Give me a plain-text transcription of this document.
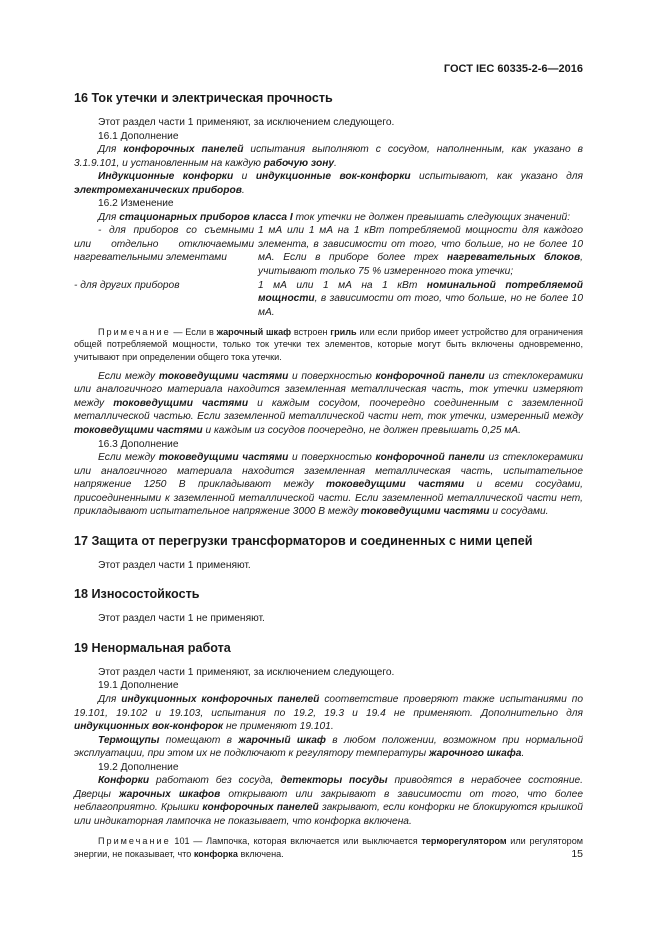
ГОСТ IEC 60335-2-6—2016
16 Ток утечки и электрическая прочность

Этот раздел части 1 применяют, за исключением следующего.

16.1 Дополнение

Для конфорочных панелей испытания выполняют с сосудом, наполненным, как указано в 3.1.9.101, и установленным на каждую рабочую зону.

Индукционные конфорки и индукционные вок-конфорки испытывают, как указано для электромеханических приборов.

16.2 Изменение

Для стационарных приборов класса I ток утечки не должен превышать следующих значений:

- для приборов со съемными или отдельно отключаемыми нагревательными элементами	1 мА или 1 мА на 1 кВт потребляемой мощности для каждого элемента, в зависимости от того, что больше, но не более 10 мА. Если в приборе более трех нагревательных блоков, учитывают только 75 % измеренного тока утечки;
- для других приборов	1 мА или 1 мА на 1 кВт номинальной потребляемой мощности, в зависимости от того, что больше, но не более 10 мА.

Примечание — Если в жарочный шкаф встроен гриль или если прибор имеет устройство для ограничения общей потребляемой мощности, только ток утечки тех элементов, которые могут быть включены одновременно, учитывают при определении общего тока утечки.

Если между токоведущими частями и поверхностью конфорочной панели из стеклокерамики или аналогичного материала находится заземленная металлическая часть, ток утечки измеряют между токоведущими частями и каждым сосудом, поочередно соединенным с заземленной металлической частью. Если заземленной металлической части нет, ток утечки, измеренный между токоведущими частями и каждым из сосудов поочередно, не должен превышать 0,25 мА.

16.3 Дополнение

Если между токоведущими частями и поверхностью конфорочной панели из стеклокерамики или аналогичного материала находится заземленная металлическая часть, испытательное напряжение 1250 В прикладывают между токоведущими частями и всеми сосудами, присоединенными к заземленной металлической части. Если заземленной металлической части нет, прикладывают испытательное напряжение 3000 В между токоведущими частями и сосудами.

17 Защита от перегрузки трансформаторов и соединенных с ними цепей

Этот раздел части 1 применяют.

18 Износостойкость

Этот раздел части 1 не применяют.

19 Ненормальная работа

Этот раздел части 1 применяют, за исключением следующего.

19.1 Дополнение

Для индукционных конфорочных панелей соответствие проверяют также испытаниями по 19.101, 19.102 и 19.103, испытания по 19.2, 19.3 и 19.4 не применяют. Дополнительно для индукционных вок-конфорок не применяют 19.101.

Термощупы помещают в жарочный шкаф в любом положении, возможном при нормальной эксплуатации, при этом их не подключают к регулятору температуры жарочного шкафа.

19.2 Дополнение

Конфорки работают без сосуда, детекторы посуды приводятся в нерабочее состояние. Дверцы жарочных шкафов открывают или закрывают в зависимости от того, что более неблагоприятно. Крышки конфорочных панелей закрывают, если конфорки не блокируются крышкой или индикаторная лампочка не показывает, что конфорка включена.

Примечание 101 — Лампочка, которая включается или выключается терморегулятором или регулятором энергии, не показывает, что конфорка включена.	15
